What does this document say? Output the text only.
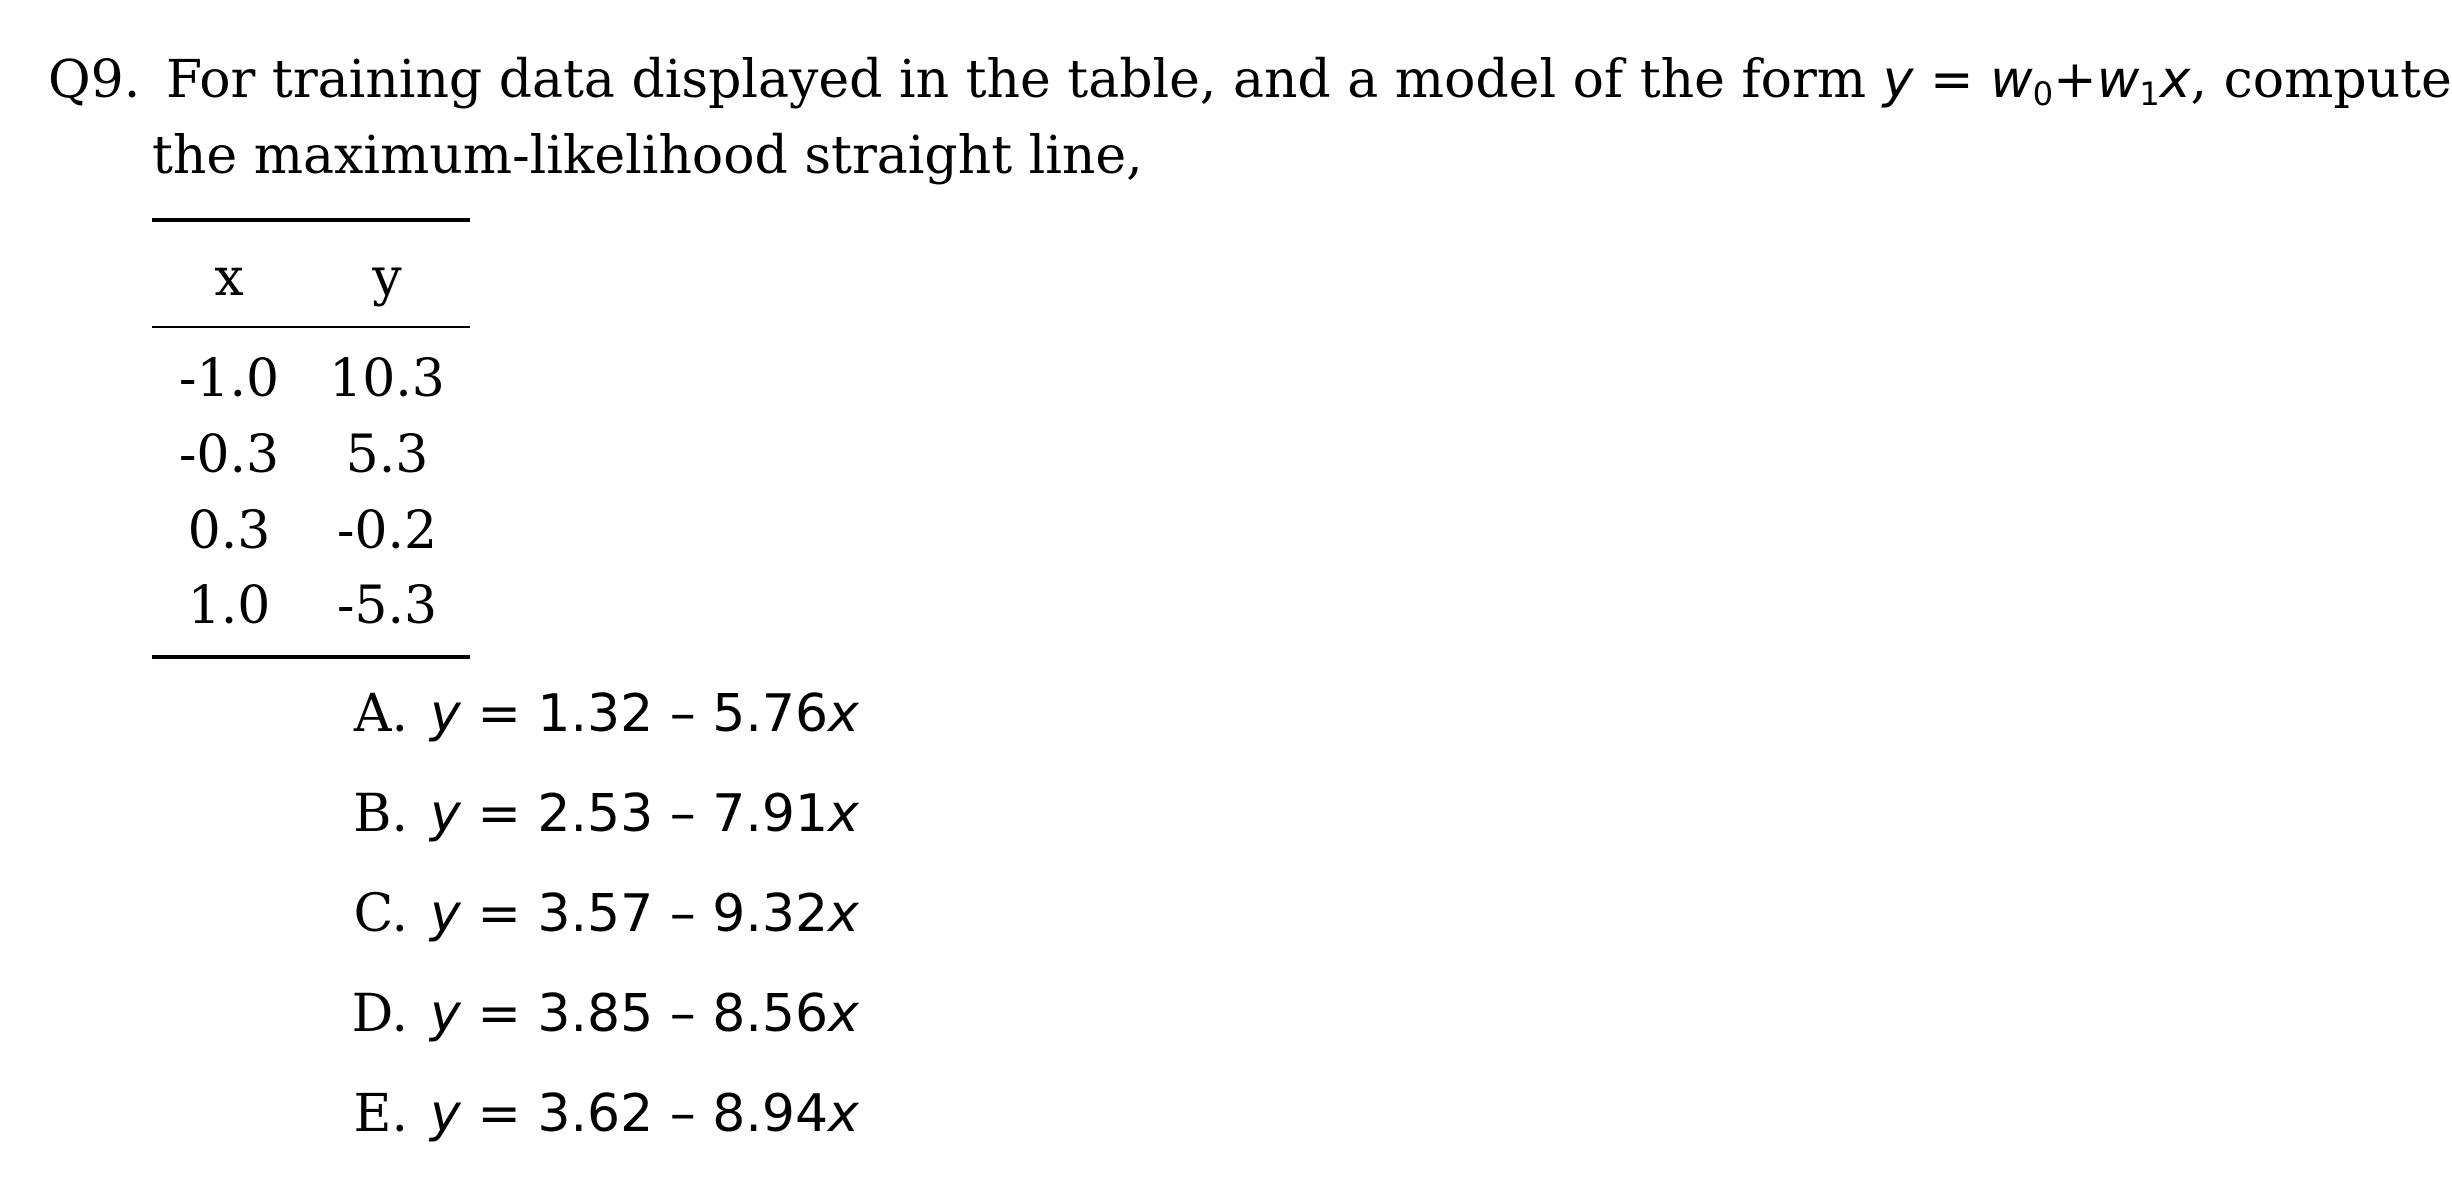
Q9. For training data displayed in the table, and a model of the form $y = w_0+w_1x$, compute
the maximum-likelihood straight line,
x	y
-1.0 10.3
-0.3	5.3
0.3	-0.2
1.0	-5.3
A. y = 1.32 – 5.76x
B. y = 2.53 – 7.91x
C. y = 3.57 – 9.32x
D. y = 3.85 – 8.56x
E. y = 3.62 – 8.94x
